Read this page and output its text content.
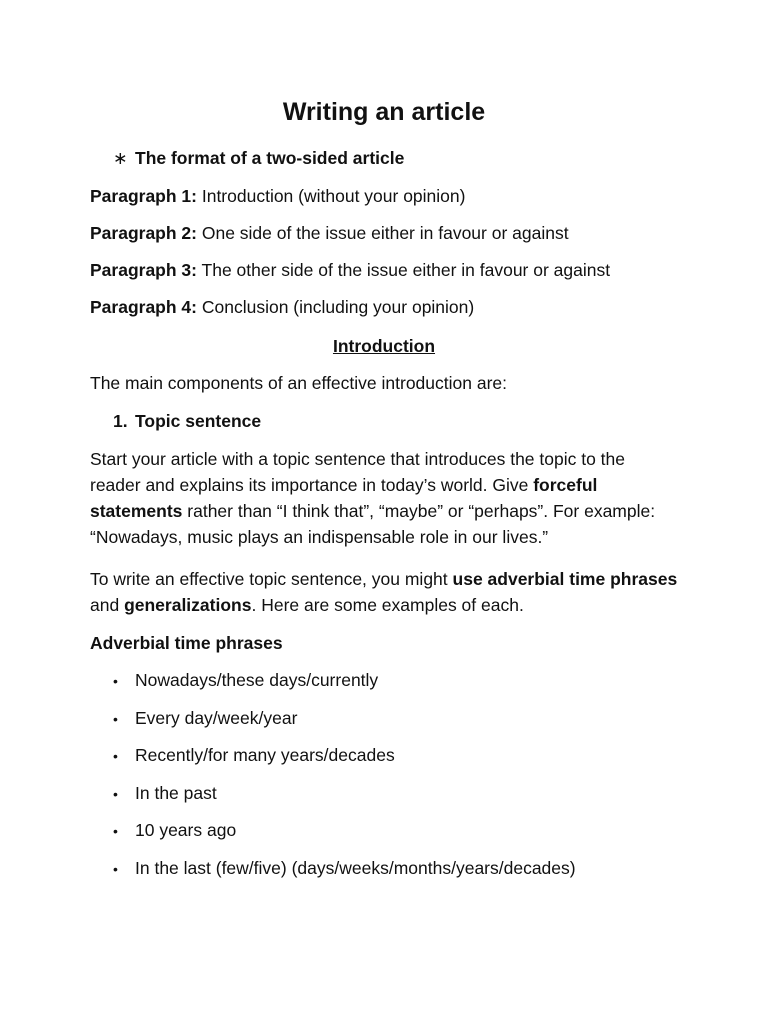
Writing an article
∗ The format of a two-sided article
Paragraph 1: Introduction (without your opinion)
Paragraph 2: One side of the issue either in favour or against
Paragraph 3: The other side of the issue either in favour or against
Paragraph 4: Conclusion (including your opinion)
Introduction
The main components of an effective introduction are:
1. Topic sentence

Start your article with a topic sentence that introduces the topic to the reader and explains its importance in today’s world. Give forceful statements rather than “I think that”, “maybe” or “perhaps”. For example: “Nowadays, music plays an indispensable role in our lives.”

To write an effective topic sentence, you might use adverbial time phrases and generalizations. Here are some examples of each.

Adverbial time phrases
• Nowadays/these days/currently
• Every day/week/year
• Recently/for many years/decades
• In the past
• 10 years ago
• In the last (few/five) (days/weeks/months/years/decades)
